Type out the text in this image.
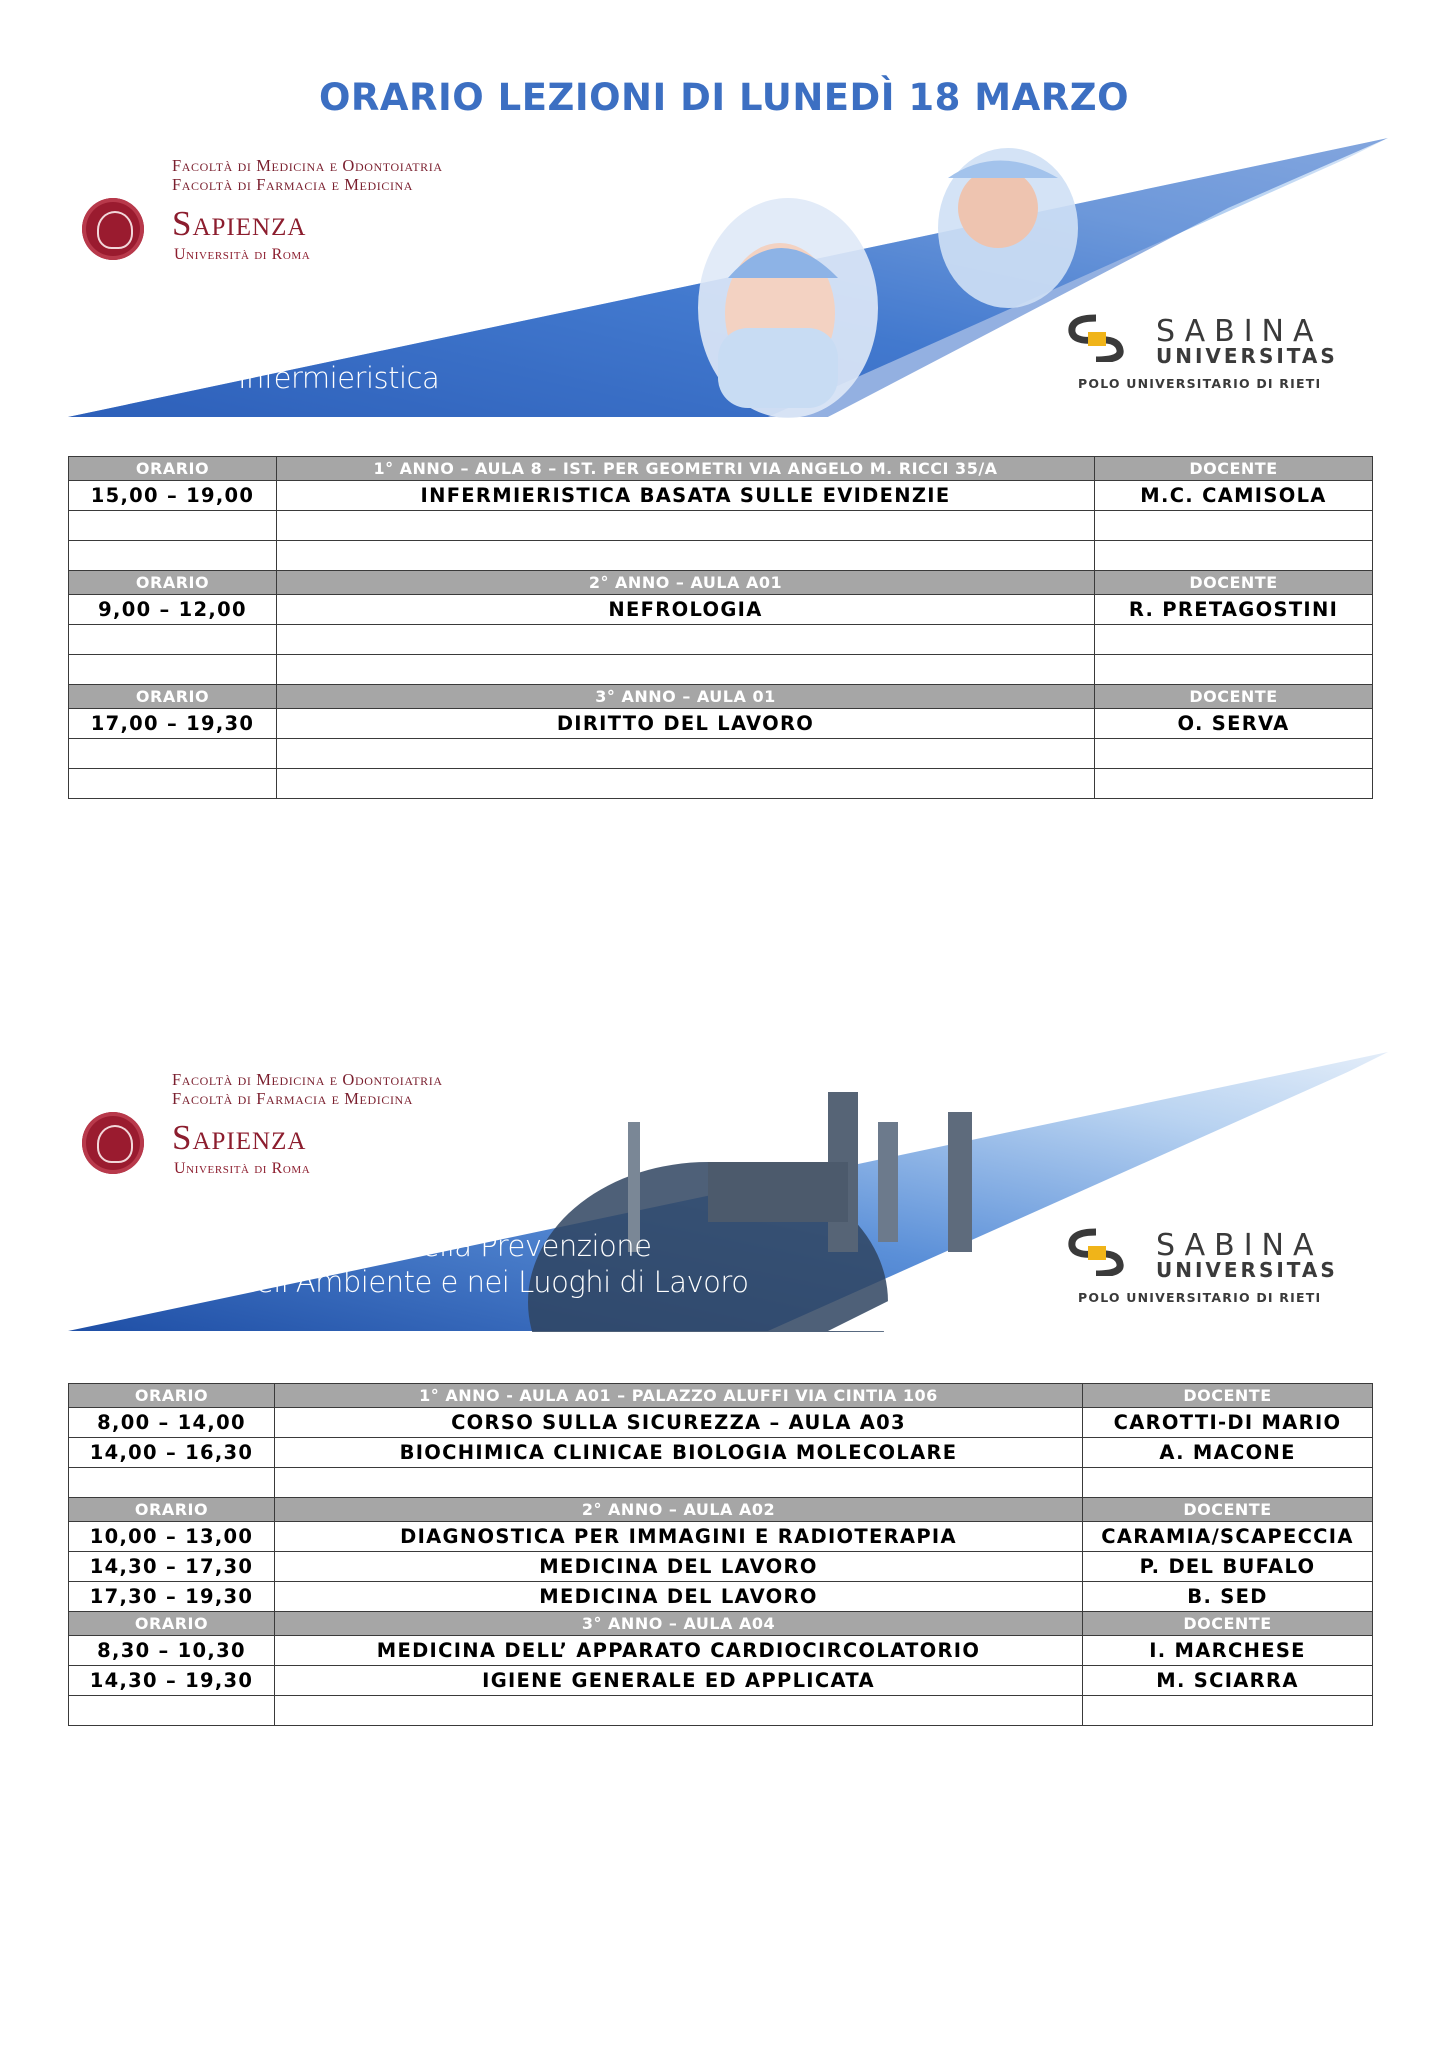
ORARIO LEZIONI DI LUNEDÌ 18 MARZO
Facoltà di Medicina e Odontoiatria
Facoltà di Farmacia e Medicina
Sapienza
Università di Roma
Infermieristica
SABINA
UNIVERSITAS
POLO UNIVERSITARIO DI RIETI
ORARIO	1° ANNO – AULA 8 – IST. PER GEOMETRI VIA ANGELO M. RICCI 35/A	DOCENTE
15,00 – 19,00	INFERMIERISTICA BASATA SULLE EVIDENZIE	M.C. CAMISOLA

ORARIO	2° ANNO – AULA A01	DOCENTE
9,00 – 12,00	NEFROLOGIA	R. PRETAGOSTINI

ORARIO	3° ANNO – AULA 01	DOCENTE
17,00 – 19,30	DIRITTO DEL LAVORO	O. SERVA

Facoltà di Medicina e Odontoiatria
Facoltà di Farmacia e Medicina
Sapienza
Università di Roma
Tecniche della Prevenzione
nell'Ambiente e nei Luoghi di Lavoro
SABINA
UNIVERSITAS
POLO UNIVERSITARIO DI RIETI
ORARIO	1° ANNO - AULA A01 – PALAZZO ALUFFI VIA CINTIA 106	DOCENTE
8,00 – 14,00	CORSO SULLA SICUREZZA – AULA A03	CAROTTI-DI MARIO
14,00 – 16,30	BIOCHIMICA CLINICAE BIOLOGIA MOLECOLARE	A. MACONE

ORARIO	2° ANNO – AULA A02	DOCENTE
10,00 – 13,00	DIAGNOSTICA PER IMMAGINI E RADIOTERAPIA	CARAMIA/SCAPECCIA
14,30 – 17,30	MEDICINA DEL LAVORO	P. DEL BUFALO
17,30 – 19,30	MEDICINA DEL LAVORO	B. SED
ORARIO	3° ANNO – AULA A04	DOCENTE
8,30 – 10,30	MEDICINA DELL’ APPARATO CARDIOCIRCOLATORIO	I. MARCHESE
14,30 – 19,30	IGIENE GENERALE ED APPLICATA	M. SCIARRA
